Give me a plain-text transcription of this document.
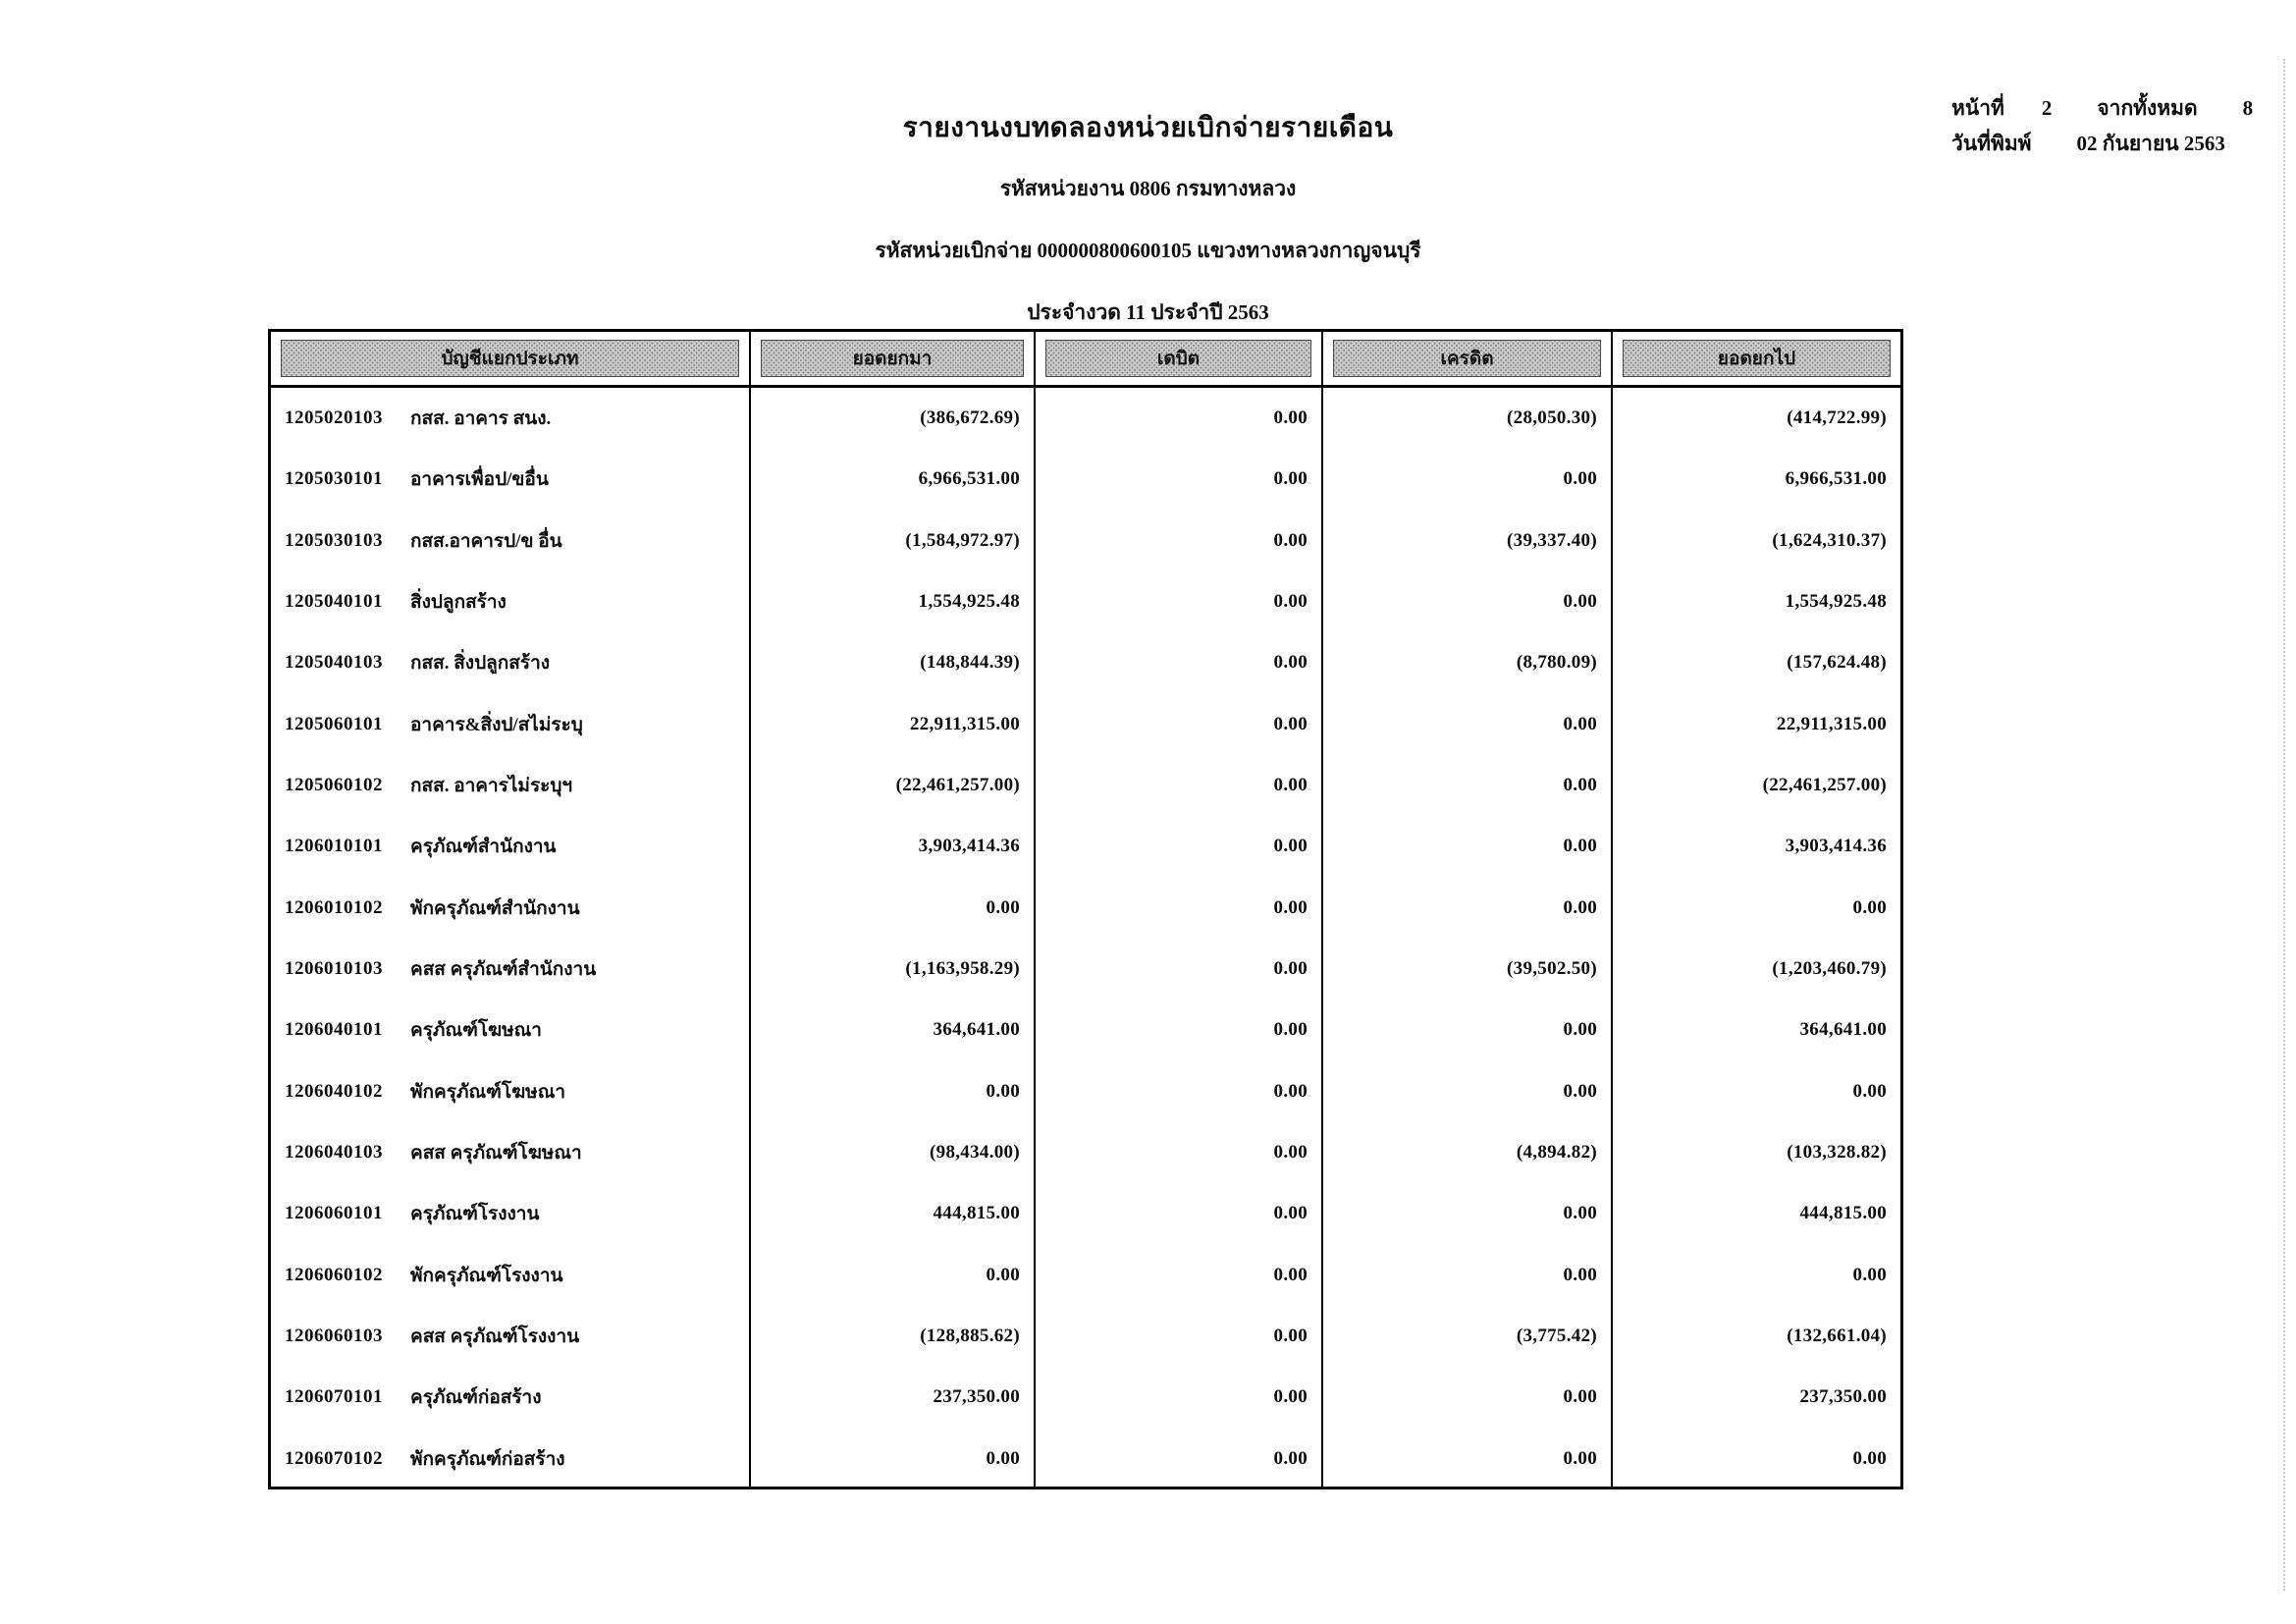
หน้าที่ 2 จากทั้งหมด 8
วันที่พิมพ์ 02 กันยายน 2563
รายงานงบทดลองหน่วยเบิกจ่ายรายเดือน
รหัสหน่วยงาน 0806 กรมทางหลวง
รหัสหน่วยเบิกจ่าย 000000800600105 แขวงทางหลวงกาญจนบุรี
ประจำงวด 11 ประจำปี 2563
บัญชีแยกประเภท	ยอดยกมา	เดบิต	เครดิต	ยอดยกไป
1205020103	กสส. อาคาร สนง.	(386,672.69)	0.00	(28,050.30)	(414,722.99)
1205030101	อาคารเพื่อป/ขอื่น	6,966,531.00	0.00	0.00	6,966,531.00
1205030103	กสส.อาคารป/ข อื่น	(1,584,972.97)	0.00	(39,337.40)	(1,624,310.37)
1205040101	สิ่งปลูกสร้าง	1,554,925.48	0.00	0.00	1,554,925.48
1205040103	กสส. สิ่งปลูกสร้าง	(148,844.39)	0.00	(8,780.09)	(157,624.48)
1205060101	อาคาร&สิ่งป/สไม่ระบุ	22,911,315.00	0.00	0.00	22,911,315.00
1205060102	กสส. อาคารไม่ระบุฯ	(22,461,257.00)	0.00	0.00	(22,461,257.00)
1206010101	ครุภัณฑ์สำนักงาน	3,903,414.36	0.00	0.00	3,903,414.36
1206010102	พักครุภัณฑ์สำนักงาน	0.00	0.00	0.00	0.00
1206010103	คสส ครุภัณฑ์สำนักงาน	(1,163,958.29)	0.00	(39,502.50)	(1,203,460.79)
1206040101	ครุภัณฑ์โฆษณา	364,641.00	0.00	0.00	364,641.00
1206040102	พักครุภัณฑ์โฆษณา	0.00	0.00	0.00	0.00
1206040103	คสส ครุภัณฑ์โฆษณา	(98,434.00)	0.00	(4,894.82)	(103,328.82)
1206060101	ครุภัณฑ์โรงงาน	444,815.00	0.00	0.00	444,815.00
1206060102	พักครุภัณฑ์โรงงาน	0.00	0.00	0.00	0.00
1206060103	คสส ครุภัณฑ์โรงงาน	(128,885.62)	0.00	(3,775.42)	(132,661.04)
1206070101	ครุภัณฑ์ก่อสร้าง	237,350.00	0.00	0.00	237,350.00
1206070102	พักครุภัณฑ์ก่อสร้าง	0.00	0.00	0.00	0.00
